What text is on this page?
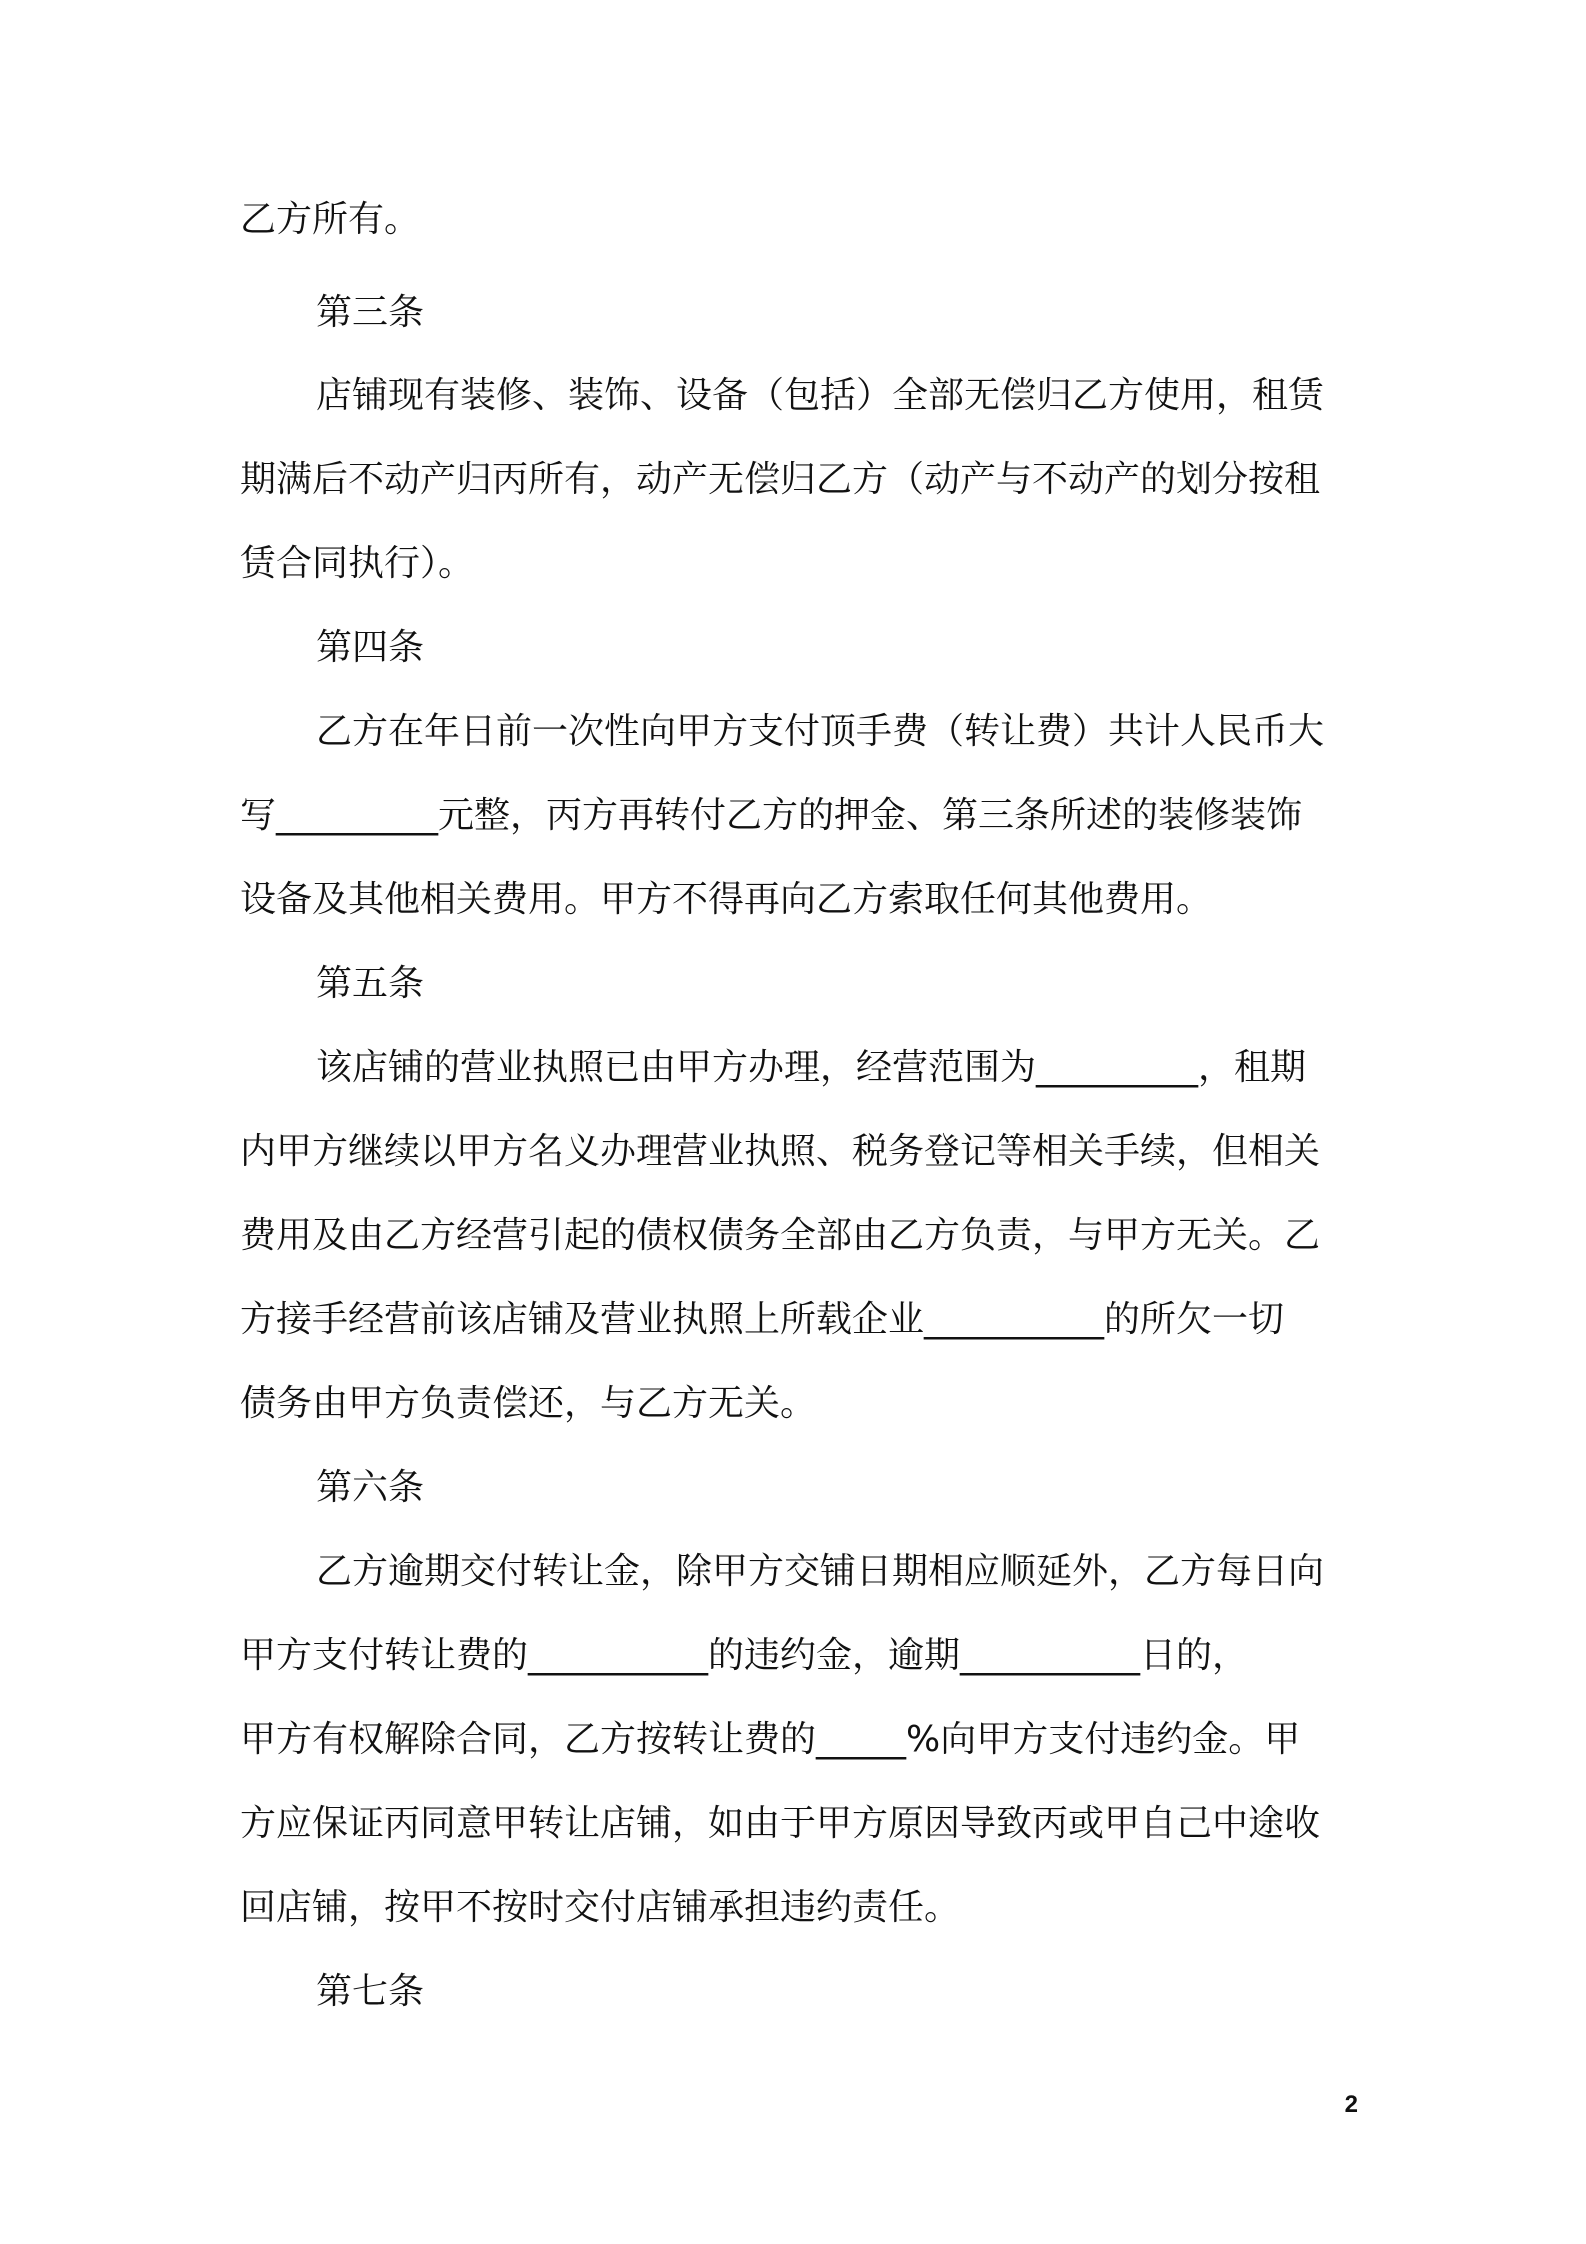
乙方所有。
第三条
店铺现有装修、装饰、设备（包括）全部无偿归乙方使用，租赁
期满后不动产归丙所有，动产无偿归乙方（动产与不动产的划分按租
赁合同执行）。
第四条
乙方在年日前一次性向甲方支付顶手费（转让费）共计人民币大
写_________元整，丙方再转付乙方的押金、第三条所述的装修装饰
设备及其他相关费用。甲方不得再向乙方索取任何其他费用。
第五条
该店铺的营业执照已由甲方办理，经营范围为_________，租期
内甲方继续以甲方名义办理营业执照、税务登记等相关手续，但相关
费用及由乙方经营引起的债权债务全部由乙方负责，与甲方无关。乙
方接手经营前该店铺及营业执照上所载企业__________的所欠一切
债务由甲方负责偿还，与乙方无关。
第六条
乙方逾期交付转让金，除甲方交铺日期相应顺延外，乙方每日向
甲方支付转让费的__________的违约金，逾期__________日的，
甲方有权解除合同，乙方按转让费的_____%向甲方支付违约金。甲
方应保证丙同意甲转让店铺，如由于甲方原因导致丙或甲自己中途收
回店铺，按甲不按时交付店铺承担违约责任。
第七条
2
